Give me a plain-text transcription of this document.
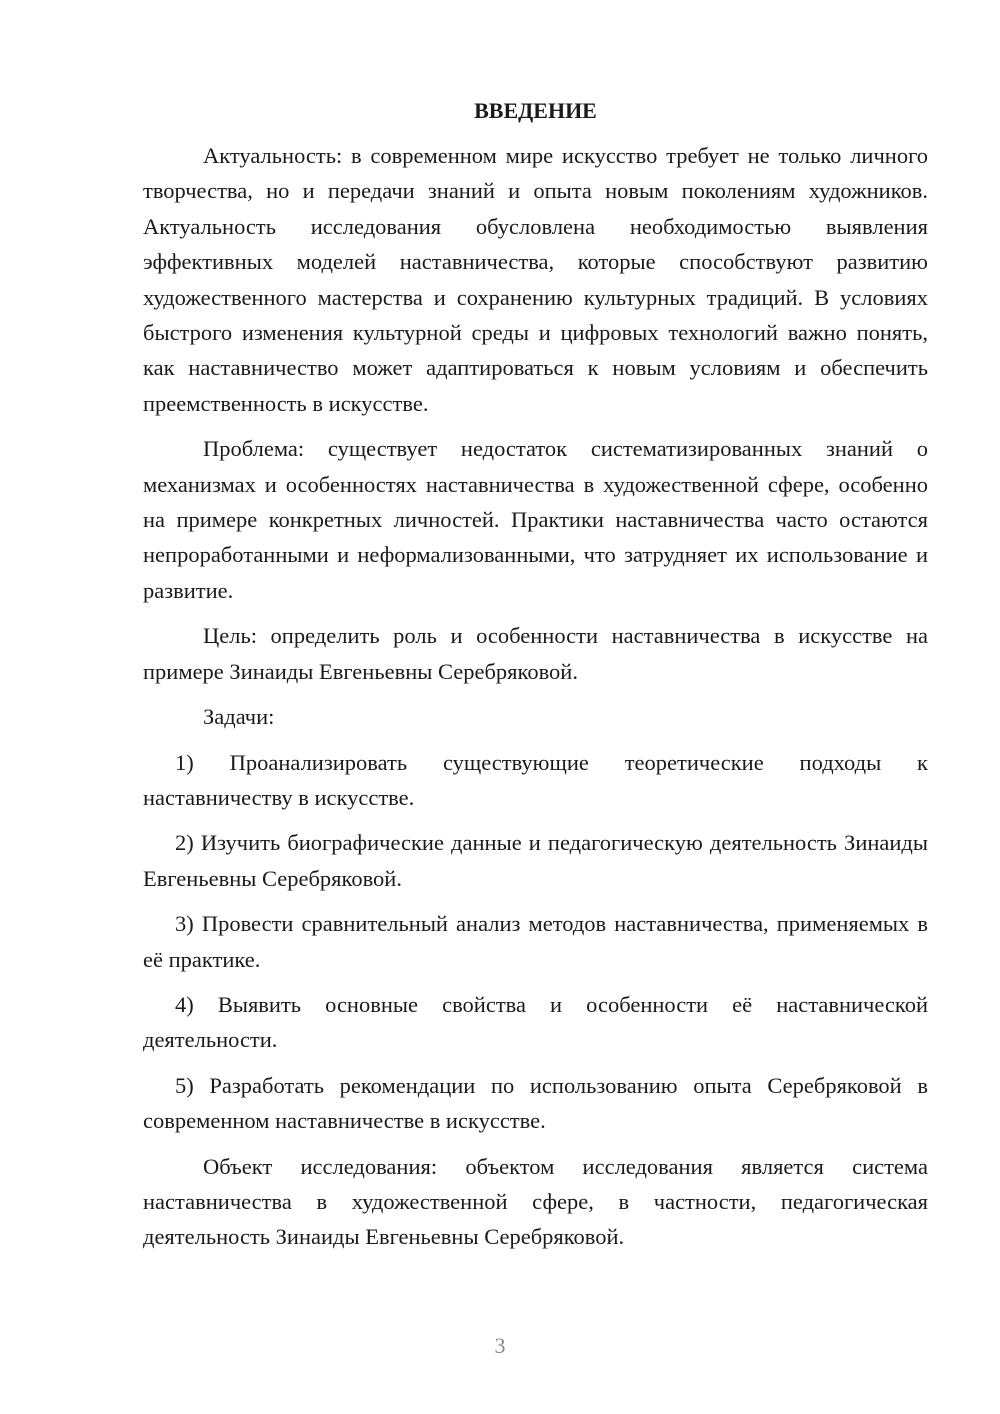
ВВЕДЕНИЕ

Актуальность: в современном мире искусство требует не только личного творчества, но и передачи знаний и опыта новым поколениям художников. Актуальность исследования обусловлена необходимостью выявления эффективных моделей наставничества, которые способствуют развитию художественного мастерства и сохранению культурных традиций. В условиях быстрого изменения культурной среды и цифровых технологий важно понять, как наставничество может адаптироваться к новым условиям и обеспечить преемственность в искусстве.

Проблема: существует недостаток систематизированных знаний о механизмах и особенностях наставничества в художественной сфере, особенно на примере конкретных личностей. Практики наставничества часто остаются непроработанными и неформализованными, что затрудняет их использование и развитие.

Цель: определить роль и особенности наставничества в искусстве на примере Зинаиды Евгеньевны Серебряковой.

Задачи:

1) Проанализировать существующие теоретические подходы к наставничеству в искусстве.

2) Изучить биографические данные и педагогическую деятельность Зинаиды Евгеньевны Серебряковой.

3) Провести сравнительный анализ методов наставничества, применяемых в её практике.

4) Выявить основные свойства и особенности её наставнической деятельности.

5) Разработать рекомендации по использованию опыта Серебряковой в современном наставничестве в искусстве.

Объект исследования: объектом исследования является система наставничества в художественной сфере, в частности, педагогическая деятельность Зинаиды Евгеньевны Серебряковой.

3
